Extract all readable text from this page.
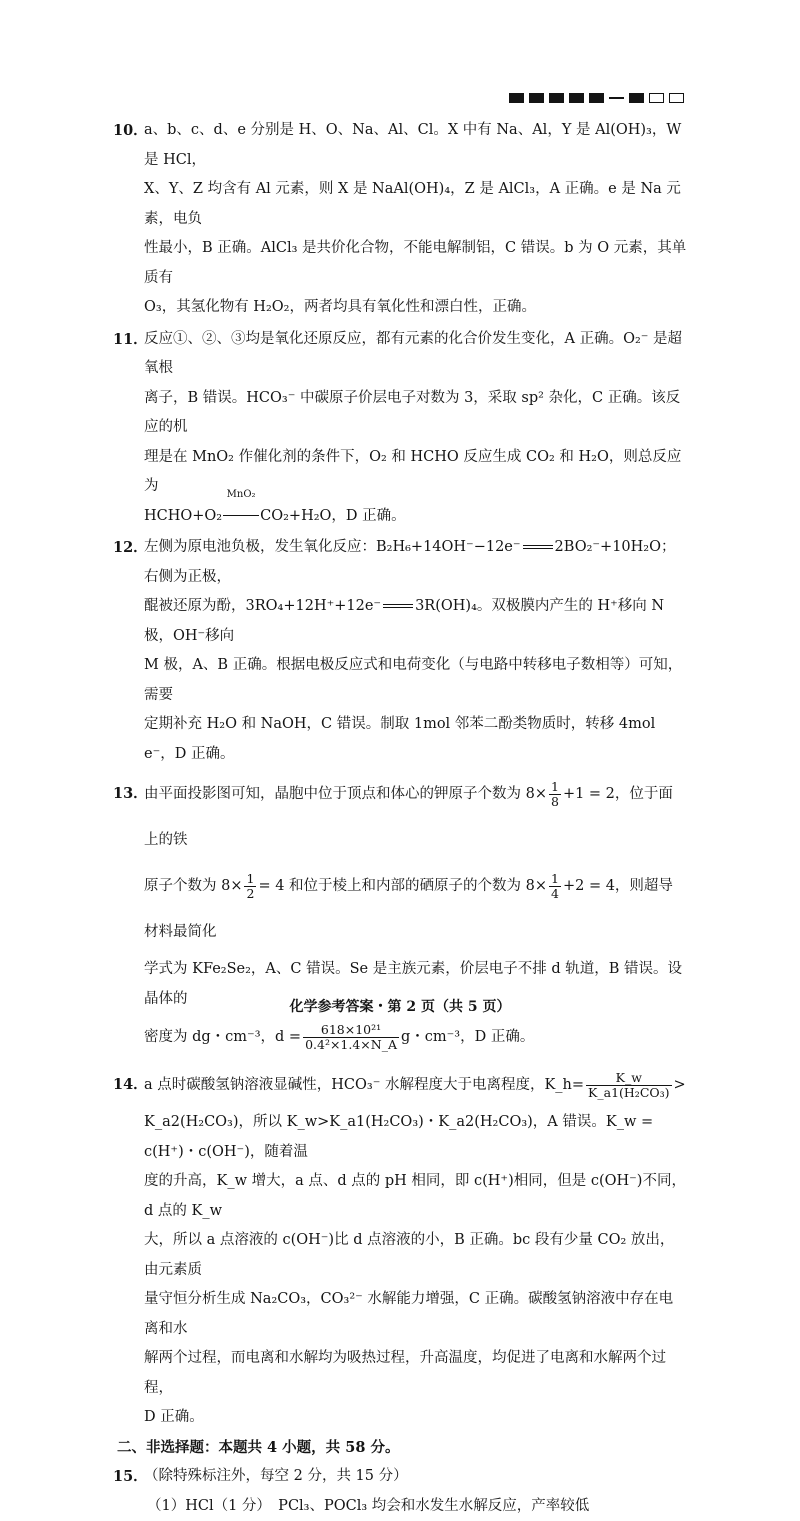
10．

a、b、c、d、e 分别是 H、O、Na、Al、Cl。X 中有 Na、Al，Y 是 Al(OH)₃，W 是 HCl，

X、Y、Z 均含有 Al 元素，则 X 是 NaAl(OH)₄，Z 是 AlCl₃，A 正确。e 是 Na 元素，电负

性最小，B 正确。AlCl₃ 是共价化合物，不能电解制铝，C 错误。b 为 O 元素，其单质有

O₃，其氢化物有 H₂O₂，两者均具有氧化性和漂白性，正确。

11．

反应①、②、③均是氧化还原反应，都有元素的化合价发生变化，A 正确。O₂⁻ 是超氧根

离子，B 错误。HCO₃⁻ 中碳原子价层电子对数为 3，采取 sp² 杂化，C 正确。该反应的机

理是在 MnO₂ 作催化剂的条件下，O₂ 和 HCHO 反应生成 CO₂ 和 H₂O，则总反应为

HCHO+O₂
MnO₂
CO₂+H₂O，D 正确。

12．

左侧为原电池负极，发生氧化反应：B₂H₆+14OH⁻−12e⁻ 2BO₂⁻+10H₂O；右侧为正极，

醌被还原为酚，3RO₄+12H⁺+12e⁻ 3R(OH)₄。双极膜内产生的 H⁺移向 N 极，OH⁻移向

M 极，A、B 正确。根据电极反应式和电荷变化（与电路中转移电子数相等）可知，需要

定期补充 H₂O 和 NaOH，C 错误。制取 1mol 邻苯二酚类物质时，转移 4mol e⁻，D 正确。

13．

由平面投影图可知，晶胞中位于顶点和体心的钾原子个数为 $8\times \frac{1}{8} +1 = 2$，位于面上的铁

原子个数为 $8\times \frac{1}{2} = 4$ 和位于棱上和内部的硒原子的个数为 $8\times \frac{1}{4} +2 = 4$，则超导材料最简化

学式为 KFe₂Se₂，A、C 错误。Se 是主族元素，价层电子不排 d 轨道，B 错误。设晶体的

密度为 dg・cm⁻³，$d = \frac{\text{618×10²¹}}{\text{0.4²×1.4×N\_A}}$ g・cm⁻³，D 正确。

14．

a 点时碳酸氢钠溶液显碱性，HCO₃⁻ 水解程度大于电离程度，K_h= $\frac{K\_w}{\text{K\_a1(H₂CO₃)}}$ >

K_a2(H₂CO₃)，所以 K_w>K_a1(H₂CO₃)・K_a2(H₂CO₃)，A 错误。K_w = c(H⁺)・c(OH⁻)，随着温

度的升高，K_w 增大，a 点、d 点的 pH 相同，即 c(H⁺)相同，但是 c(OH⁻)不同，d 点的 K_w

大，所以 a 点溶液的 c(OH⁻)比 d 点溶液的小，B 正确。bc 段有少量 CO₂ 放出，由元素质

量守恒分析生成 Na₂CO₃，CO₃²⁻ 水解能力增强，C 正确。碳酸氢钠溶液中存在电离和水

解两个过程，而电离和水解均为吸热过程，升高温度，均促进了电离和水解两个过程，

D 正确。

二、非选择题：本题共 4 小题，共 58 分。

15．

（除特殊标注外，每空 2 分，共 15 分）

（1）HCl（1 分）　PCl₃、POCl₃ 均会和水发生水解反应，产率较低

化学参考答案・第 2 页（共 5 页）
